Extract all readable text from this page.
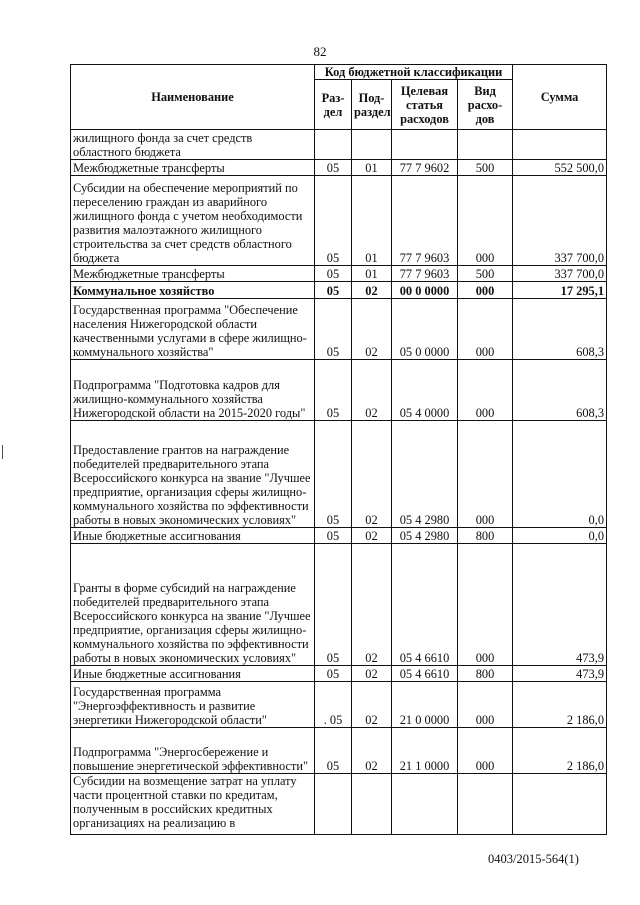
82
Наименование	Код бюджетной классификации				Сумма
	Раз-дел	Под-раздел	Целевая статья расходов	Вид расхо-дов	
жилищного фонда за счет средств областного бюджета					
Межбюджетные трансферты	05	01	77 7 9602	500	552 500,0
Субсидии на обеспечение мероприятий по переселению граждан из аварийного жилищного фонда с учетом необходимости развития малоэтажного жилищного строительства за счет средств областного бюджета	05	01	77 7 9603	000	337 700,0
Межбюджетные трансферты	05	01	77 7 9603	500	337 700,0
Коммунальное хозяйство	05	02	00 0 0000	000	17 295,1
Государственная программа "Обеспечение населения Нижегородской области качественными услугами в сфере жилищно-коммунального хозяйства"	05	02	05 0 0000	000	608,3
Подпрограмма "Подготовка кадров для жилищно-коммунального хозяйства Нижегородской области на 2015-2020 годы"	05	02	05 4 0000	000	608,3
Предоставление грантов на награждение победителей предварительного этапа Всероссийского конкурса на звание "Лучшее предприятие, организация сферы жилищно-коммунального хозяйства по эффективности работы в новых экономических условиях"	05	02	05 4 2980	000	0,0
Иные бюджетные ассигнования	05	02	05 4 2980	800	0,0
Гранты в форме субсидий на награждение победителей предварительного этапа Всероссийского конкурса на звание "Лучшее предприятие, организация сферы жилищно-коммунального хозяйства по эффективности работы в новых экономических условиях"	05	02	05 4 6610	000	473,9
Иные бюджетные ассигнования	05	02	05 4 6610	800	473,9
Государственная программа "Энергоэффективность и развитие энергетики Нижегородской области"	. 05	02	21 0 0000	000	2 186,0
Подпрограмма "Энергосбережение и повышение энергетической эффективности"	05	02	21 1 0000	000	2 186,0
Субсидии на возмещение затрат на уплату части процентной ставки по кредитам, полученным в российских кредитных организациях на реализацию в					
0403/2015-564(1)
